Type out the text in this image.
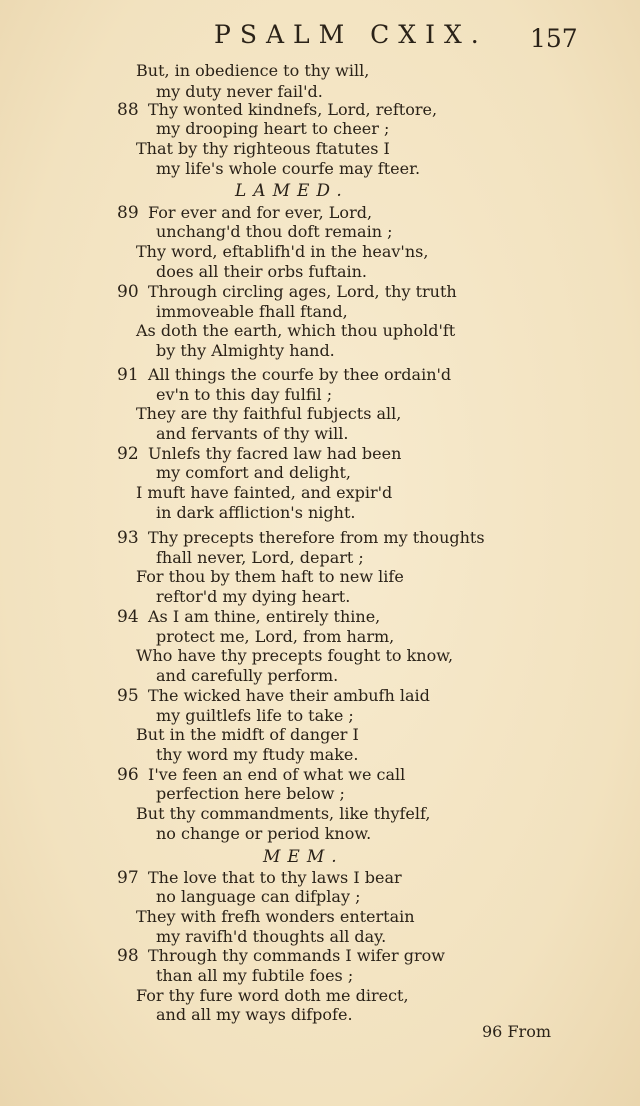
PSALM CXIX. 157
But, in obedience to thy will,
my duty never fail'd.
88 Thy wonted kindnefs, Lord, reftore,
my drooping heart to cheer ;
That by thy righteous ftatutes I
my life's whole courfe may fteer.
LAMED.
89 For ever and for ever, Lord,
unchang'd thou doft remain ;
Thy word, eftablifh'd in the heav'ns,
does all their orbs fuftain.
90 Through circling ages, Lord, thy truth
immoveable fhall ftand,
As doth the earth, which thou uphold'ft
by thy Almighty hand.
91 All things the courfe by thee ordain'd
ev'n to this day fulfil ;
They are thy faithful fubjects all,
and fervants of thy will.
92 Unlefs thy facred law had been
my comfort and delight,
I muft have fainted, and expir'd
in dark affliction's night.
93 Thy precepts therefore from my thoughts
fhall never, Lord, depart ;
For thou by them haft to new life
reftor'd my dying heart.
94 As I am thine, entirely thine,
protect me, Lord, from harm,
Who have thy precepts fought to know,
and carefully perform.
95 The wicked have their ambufh laid
my guiltlefs life to take ;
But in the midft of danger I
thy word my ftudy make.
96 I've feen an end of what we call
perfection here below ;
But thy commandments, like thyfelf,
no change or period know.
MEM.
97 The love that to thy laws I bear
no language can difplay ;
They with frefh wonders entertain
my ravifh'd thoughts all day.
98 Through thy commands I wifer grow
than all my fubtile foes ;
For thy fure word doth me direct,
and all my ways difpofe.
96 From
